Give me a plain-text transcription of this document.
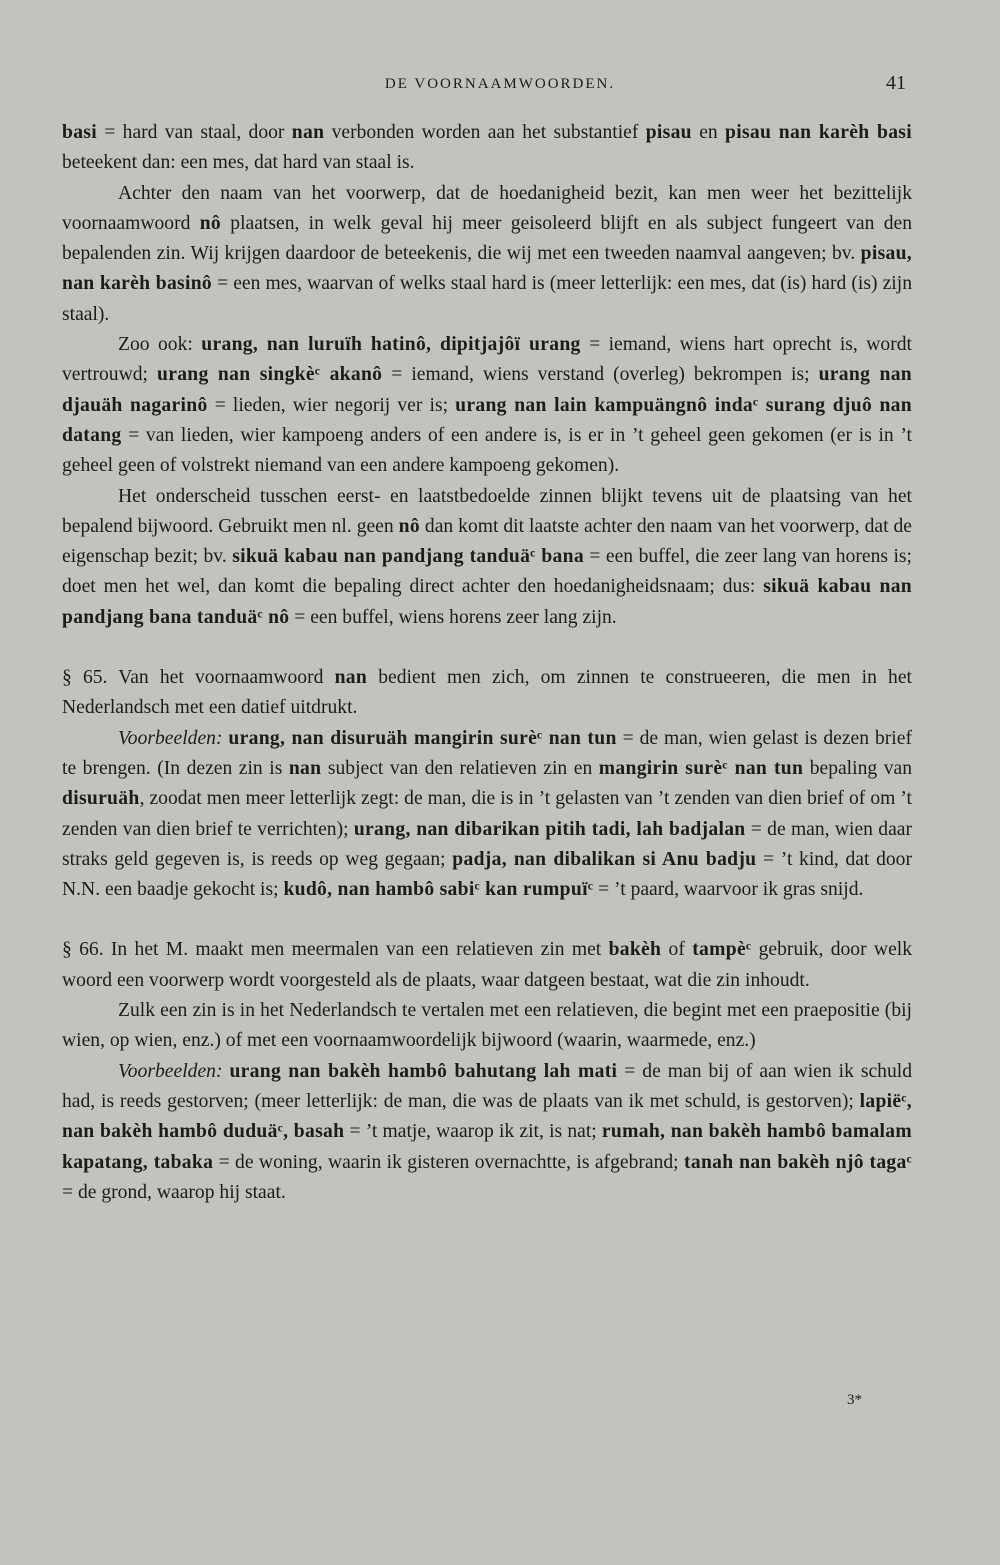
DE VOORNAAMWOORDEN.	41

basi = hard van staal, door nan verbonden worden aan het substantief pisau en pisau nan karèh basi beteekent dan: een mes, dat hard van staal is.

Achter den naam van het voorwerp, dat de hoedanigheid bezit, kan men weer het bezittelijk voornaamwoord nô plaatsen, in welk geval hij meer geisoleerd blijft en als subject fungeert van den bepalenden zin. Wij krijgen daardoor de beteekenis, die wij met een tweeden naamval aangeven; bv. pisau, nan karèh basinô = een mes, waarvan of welks staal hard is (meer letterlijk: een mes, dat (is) hard (is) zijn staal).

Zoo ook: urang, nan luruïh hatinô, dipitjajôï urang = iemand, wiens hart oprecht is, wordt vertrouwd; urang nan singkèᶜ akanô = iemand, wiens verstand (overleg) bekrompen is; urang nan djauäh nagarinô = lieden, wier negorij ver is; urang nan lain kampuängnô indaᶜ surang djuô nan datang = van lieden, wier kampoeng anders of een andere is, is er in ’t geheel geen gekomen (er is in ’t geheel geen of volstrekt niemand van een andere kampoeng gekomen).

Het onderscheid tusschen eerst- en laatstbedoelde zinnen blijkt tevens uit de plaatsing van het bepalend bijwoord. Gebruikt men nl. geen nô dan komt dit laatste achter den naam van het voorwerp, dat de eigenschap bezit; bv. sikuä kabau nan pandjang tanduäᶜ bana = een buffel, die zeer lang van horens is; doet men het wel, dan komt die bepaling direct achter den hoedanigheidsnaam; dus: sikuä kabau nan pandjang bana tanduäᶜ nô = een buffel, wiens horens zeer lang zijn.

§ 65. Van het voornaamwoord nan bedient men zich, om zinnen te construeeren, die men in het Nederlandsch met een datief uitdrukt.

Voorbeelden: urang, nan disuruäh mangirin surèᶜ nan tun = de man, wien gelast is dezen brief te brengen. (In dezen zin is nan subject van den relatieven zin en mangirin surèᶜ nan tun bepaling van disuruäh, zoodat men meer letterlijk zegt: de man, die is in ’t gelasten van ’t zenden van dien brief of om ’t zenden van dien brief te verrichten); urang, nan dibarikan pitih tadi, lah badjalan = de man, wien daar straks geld gegeven is, is reeds op weg gegaan; padja, nan dibalikan si Anu badju = ’t kind, dat door N.N. een baadje gekocht is; kudô, nan hambô sabiᶜ kan rumpuïᶜ = ’t paard, waarvoor ik gras snijd.

§ 66. In het M. maakt men meermalen van een relatieven zin met bakèh of tampèᶜ gebruik, door welk woord een voorwerp wordt voorgesteld als de plaats, waar datgeen bestaat, wat die zin inhoudt.

Zulk een zin is in het Nederlandsch te vertalen met een relatieven, die begint met een praepositie (bij wien, op wien, enz.) of met een voornaamwoordelijk bijwoord (waarin, waarmede, enz.)

Voorbeelden: urang nan bakèh hambô bahutang lah mati = de man bij of aan wien ik schuld had, is reeds gestorven; (meer letterlijk: de man, die was de plaats van ik met schuld, is gestorven); lapiëᶜ, nan bakèh hambô duduäᶜ, basah = ’t matje, waarop ik zit, is nat; rumah, nan bakèh hambô bamalam kapatang, tabaka = de woning, waarin ik gisteren overnachtte, is afgebrand; tanah nan bakèh njô tagaᶜ = de grond, waarop hij staat.

3*
